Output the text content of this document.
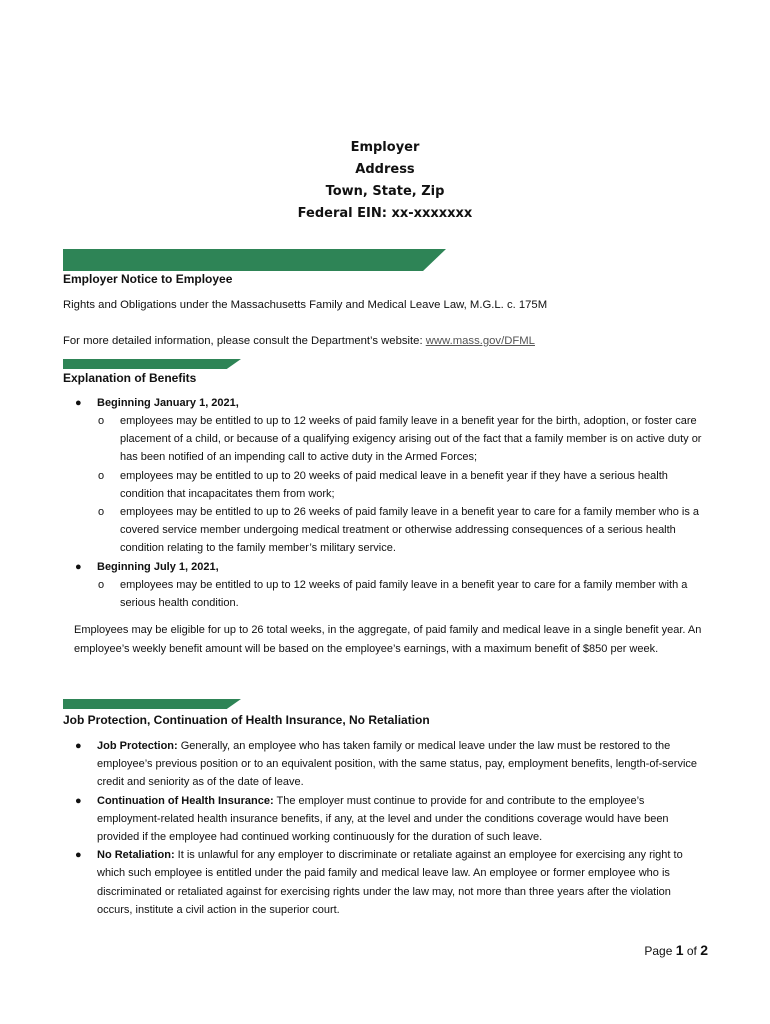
Employer
Address
Town, State, Zip
Federal EIN: xx-xxxxxxx
Employer Notice to Employee
Rights and Obligations under the Massachusetts Family and Medical Leave Law, M.G.L. c. 175M
For more detailed information, please consult the Department’s website: www.mass.gov/DFML
Explanation of Benefits
● Beginning January 1, 2021,
o employees may be entitled to up to 12 weeks of paid family leave in a benefit year for the birth, adoption, or foster care placement of a child, or because of a qualifying exigency arising out of the fact that a family member is on active duty or has been notified of an impending call to active duty in the Armed Forces;
o employees may be entitled to up to 20 weeks of paid medical leave in a benefit year if they have a serious health condition that incapacitates them from work;
o employees may be entitled to up to 26 weeks of paid family leave in a benefit year to care for a family member who is a covered service member undergoing medical treatment or otherwise addressing consequences of a serious health condition relating to the family member’s military service.
● Beginning July 1, 2021,
o employees may be entitled to up to 12 weeks of paid family leave in a benefit year to care for a family member with a serious health condition.
Employees may be eligible for up to 26 total weeks, in the aggregate, of paid family and medical leave in a single benefit year. An employee’s weekly benefit amount will be based on the employee’s earnings, with a maximum benefit of $850 per week.
Job Protection, Continuation of Health Insurance, No Retaliation
● Job Protection: Generally, an employee who has taken family or medical leave under the law must be restored to the employee’s previous position or to an equivalent position, with the same status, pay, employment benefits, length-of-service credit and seniority as of the date of leave.
● Continuation of Health Insurance: The employer must continue to provide for and contribute to the employee’s employment-related health insurance benefits, if any, at the level and under the conditions coverage would have been provided if the employee had continued working continuously for the duration of such leave.
● No Retaliation: It is unlawful for any employer to discriminate or retaliate against an employee for exercising any right to which such employee is entitled under the paid family and medical leave law. An employee or former employee who is discriminated or retaliated against for exercising rights under the law may, not more than three years after the violation occurs, institute a civil action in the superior court.
Page 1 of 2
